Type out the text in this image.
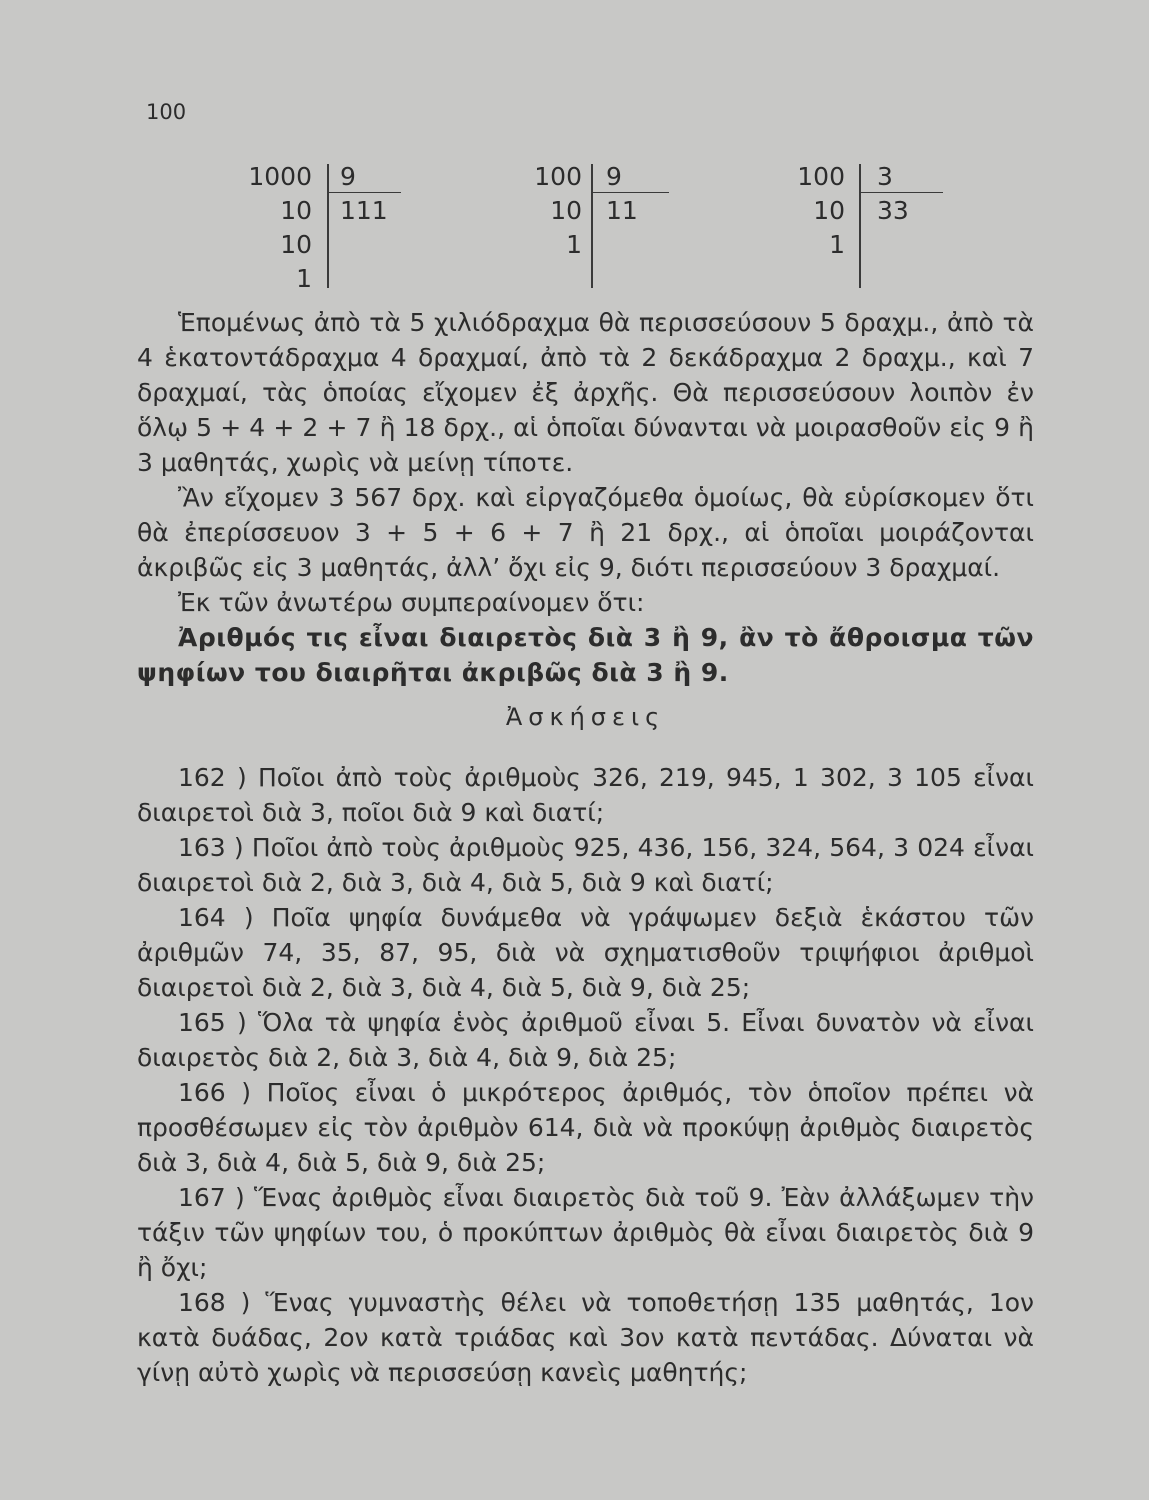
100
1000
10
10
1
9
111
100
10
1
9
11
100
10
1
3
33

Ἑπομένως ἀπὸ τὰ 5 χιλιόδραχμα θὰ περισσεύσουν 5 δραχμ., ἀπὸ τὰ 4 ἑκατοντάδραχμα 4 δραχμαί, ἀπὸ τὰ 2 δεκάδραχμα 2 δραχμ., καὶ 7 δραχμαί, τὰς ὁποίας εἴχομεν ἐξ ἀρχῆς. Θὰ περισσεύσουν λοιπὸν ἐν ὅλῳ 5 + 4 + 2 + 7 ἢ 18 δρχ., αἱ ὁποῖαι δύνανται νὰ μοιρασθοῦν εἰς 9 ἢ 3 μαθητάς, χωρὶς νὰ μείνῃ τίποτε.

Ἂν εἴχομεν 3 567 δρχ. καὶ εἰργαζόμεθα ὁμοίως, θὰ εὑρίσκομεν ὅτι θὰ ἐπερίσσευον 3 + 5 + 6 + 7 ἢ 21 δρχ., αἱ ὁποῖαι μοιράζονται ἀκριβῶς εἰς 3 μαθητάς, ἀλλ’ ὄχι εἰς 9, διότι περισσεύουν 3 δραχμαί.

Ἐκ τῶν ἀνωτέρω συμπεραίνομεν ὅτι:

Ἀριθμός τις εἶναι διαιρετὸς διὰ 3 ἢ 9, ἂν τὸ ἄθροισμα τῶν ψηφίων του διαιρῆται ἀκριβῶς διὰ 3 ἢ 9.

Ἀσκήσεις

162 ) Ποῖοι ἀπὸ τοὺς ἀριθμοὺς 326, 219, 945, 1 302, 3 105 εἶναι διαιρετοὶ διὰ 3, ποῖοι διὰ 9 καὶ διατί;

163 ) Ποῖοι ἀπὸ τοὺς ἀριθμοὺς 925, 436, 156, 324, 564, 3 024 εἶναι διαιρετοὶ διὰ 2, διὰ 3, διὰ 4, διὰ 5, διὰ 9 καὶ διατί;

164 ) Ποῖα ψηφία δυνάμεθα νὰ γράψωμεν δεξιὰ ἑκάστου τῶν ἀριθμῶν 74, 35, 87, 95, διὰ νὰ σχηματισθοῦν τριψήφιοι ἀριθμοὶ διαιρετοὶ διὰ 2, διὰ 3, διὰ 4, διὰ 5, διὰ 9, διὰ 25;

165 ) Ὅλα τὰ ψηφία ἑνὸς ἀριθμοῦ εἶναι 5. Εἶναι δυνατὸν νὰ εἶναι διαιρετὸς διὰ 2, διὰ 3, διὰ 4, διὰ 9, διὰ 25;

166 ) Ποῖος εἶναι ὁ μικρότερος ἀριθμός, τὸν ὁποῖον πρέπει νὰ προσθέσωμεν εἰς τὸν ἀριθμὸν 614, διὰ νὰ προκύψῃ ἀριθμὸς διαιρετὸς διὰ 3, διὰ 4, διὰ 5, διὰ 9, διὰ 25;

167 ) Ἕνας ἀριθμὸς εἶναι διαιρετὸς διὰ τοῦ 9. Ἐὰν ἀλλάξωμεν τὴν τάξιν τῶν ψηφίων του, ὁ προκύπτων ἀριθμὸς θὰ εἶναι διαιρετὸς διὰ 9 ἢ ὄχι;

168 ) Ἕνας γυμναστὴς θέλει νὰ τοποθετήσῃ 135 μαθητάς, 1ον κατὰ δυάδας, 2ον κατὰ τριάδας καὶ 3ον κατὰ πεντάδας. Δύναται νὰ γίνῃ αὐτὸ χωρὶς νὰ περισσεύσῃ κανεὶς μαθητής;
